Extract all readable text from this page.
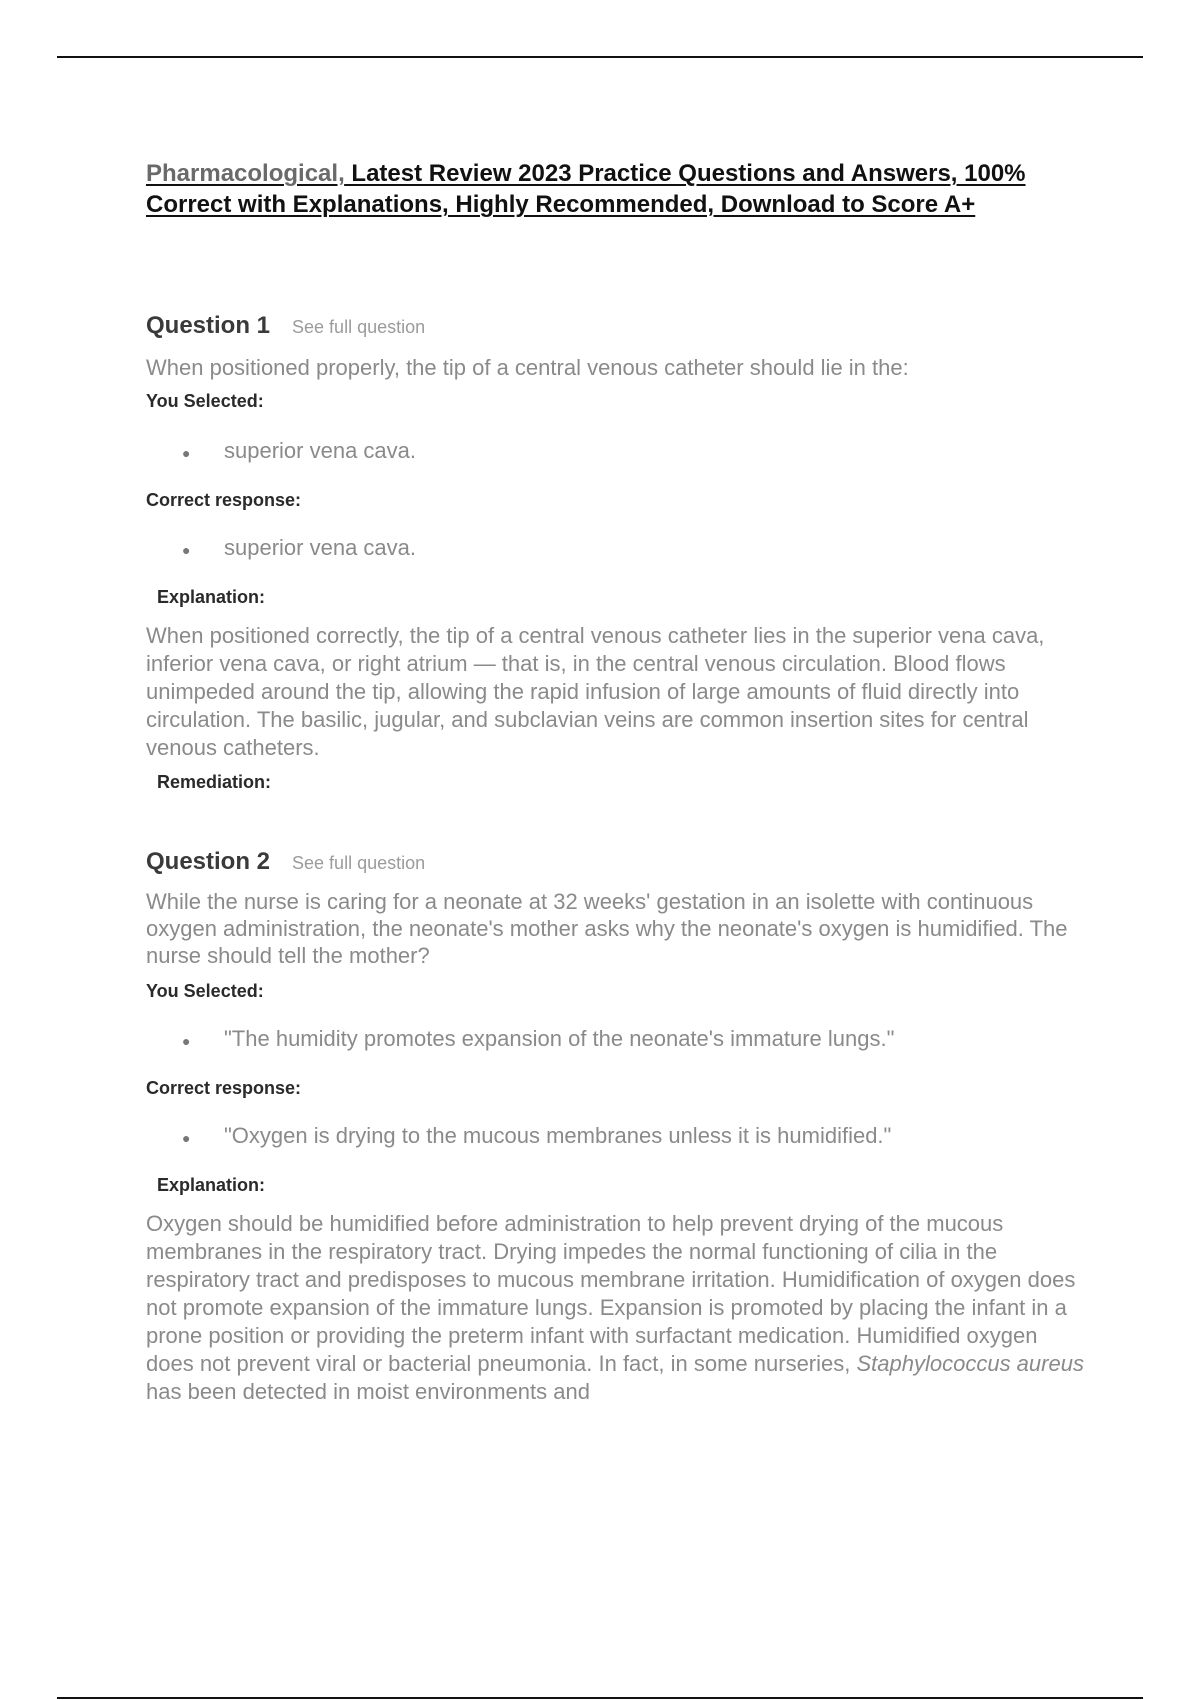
Pharmacological, Latest Review 2023 Practice Questions and Answers, 100% Correct with Explanations, Highly Recommended, Download to Score A+
Question 1 See full question
When positioned properly, the tip of a central venous catheter should lie in the:
You Selected:
●	superior vena cava.
Correct response:
●	superior vena cava.
Explanation:
When positioned correctly, the tip of a central venous catheter lies in the superior vena cava, inferior vena cava, or right atrium — that is, in the central venous circulation. Blood flows unimpeded around the tip, allowing the rapid infusion of large amounts of fluid directly into circulation. The basilic, jugular, and subclavian veins are common insertion sites for central venous catheters.
Remediation:
Question 2 See full question
While the nurse is caring for a neonate at 32 weeks' gestation in an isolette with continuous oxygen administration, the neonate's mother asks why the neonate's oxygen is humidified. The nurse should tell the mother?
You Selected:
●	"The humidity promotes expansion of the neonate's immature lungs."
Correct response:
●	"Oxygen is drying to the mucous membranes unless it is humidified."
Explanation:
Oxygen should be humidified before administration to help prevent drying of the mucous membranes in the respiratory tract. Drying impedes the normal functioning of cilia in the respiratory tract and predisposes to mucous membrane irritation. Humidification of oxygen does not promote expansion of the immature lungs. Expansion is promoted by placing the infant in a prone position or providing the preterm infant with surfactant medication. Humidified oxygen does not prevent viral or bacterial pneumonia. In fact, in some nurseries, Staphylococcus aureus has been detected in moist environments and
